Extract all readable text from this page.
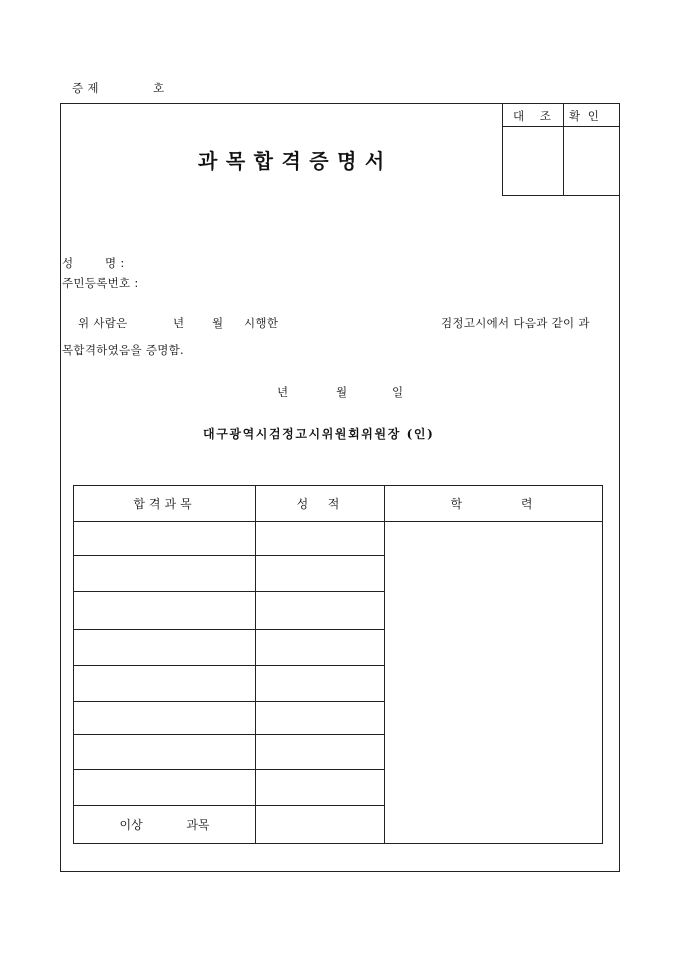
증 제	호
대 조 확 인
과목합격증명서
성        명 :
주민등록번호 :
위 사람은	년 월 시행한	검정고시에서 다음과 같이 과
목합격하였음을 증명함.
년	월	일
대구광역시검정고시위원회위원장 (인)
합격과목	성  적	학       력

이상 과목		
